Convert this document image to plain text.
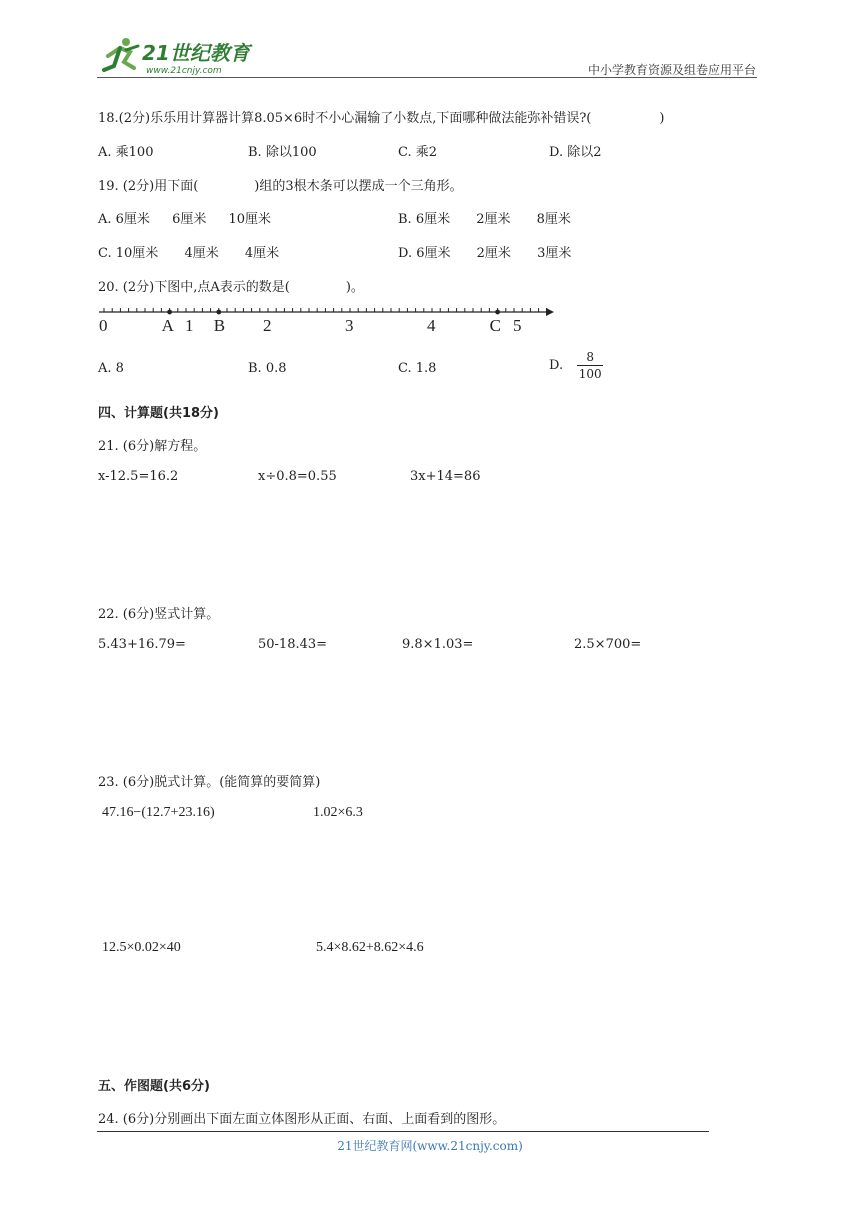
21世纪教育
www.21cnjy.com	中小学教育资源及组卷应用平台
18.(2分)乐乐用计算器计算8.05×6时不小心漏输了小数点,下面哪种做法能弥补错误?(	)
A. 乘100	B. 除以100	C. 乘2	D. 除以2
19. (2分)用下面(	)组的3根木条可以摆成一个三角形。
A. 6厘米 6厘米 10厘米	B. 6厘米 2厘米 8厘米
C. 10厘米 4厘米 4厘米	D. 6厘米 2厘米 3厘米
20. (2分)下图中,点A表示的数是(	)。
0	A 1 B 2	3	4	C 5
A. 8	B. 0.8	C. 1.8	D. $\frac{8}{100}$
四、计算题(共18分)
21. (6分)解方程。
x-12.5=16.2	x÷0.8=0.55	3x+14=86
22. (6分)竖式计算。
5.43+16.79=	50-18.43=	9.8×1.03=	2.5×700=
23. (6分)脱式计算。(能简算的要简算)
47.16−(12.7+23.16)	1.02×6.3
12.5×0.02×40	5.4×8.62+8.62×4.6
五、作图题(共6分)
24. (6分)分别画出下面左面立体图形从正面、右面、上面看到的图形。
21世纪教育网(www.21cnjy.com)
